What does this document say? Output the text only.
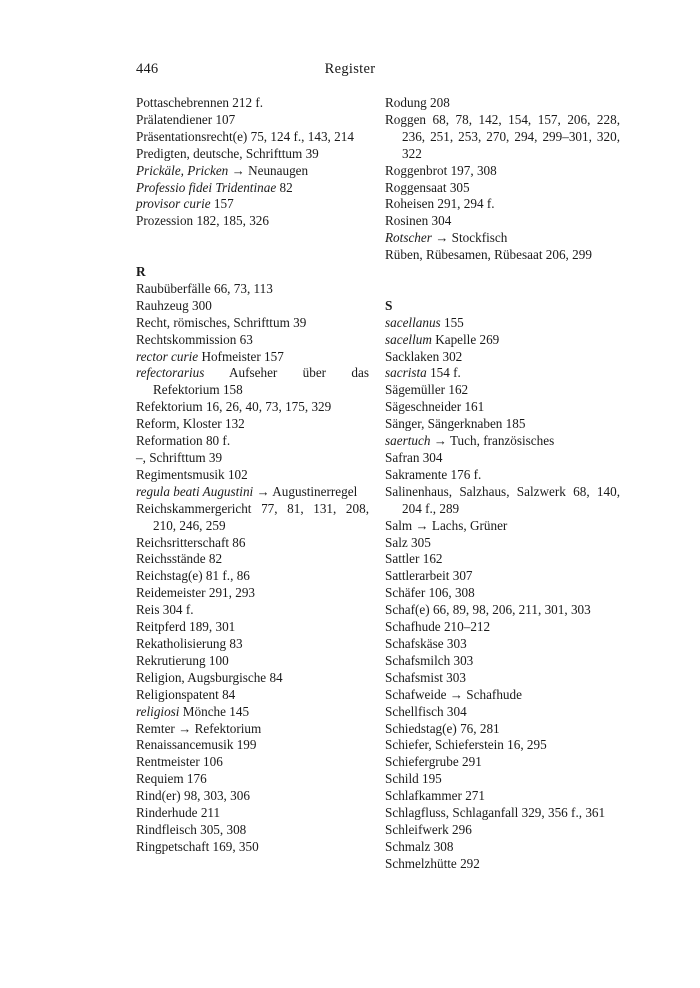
446	Register
Pottaschebrennen 212 f.
Prälatendiener 107
Präsentationsrecht(e) 75, 124 f., 143, 214
Predigten, deutsche, Schrifttum 39
Prickäle, Pricken → Neunaugen
Professio fidei Tridentinae 82
provisor curie 157
Prozession 182, 185, 326
R
Raubüberfälle 66, 73, 113
Rauhzeug 300
Recht, römisches, Schrifttum 39
Rechtskommission 63
rector curie Hofmeister 157
refectorarius Aufseher über das Refektorium 158
Refektorium 16, 26, 40, 73, 175, 329
Reform, Kloster 132
Reformation 80 f.
–, Schrifttum 39
Regimentsmusik 102
regula beati Augustini → Augustinerregel
Reichskammergericht 77, 81, 131, 208, 210, 246, 259
Reichsritterschaft 86
Reichsstände 82
Reichstag(e) 81 f., 86
Reidemeister 291, 293
Reis 304 f.
Reitpferd 189, 301
Rekatholisierung 83
Rekrutierung 100
Religion, Augsburgische 84
Religionspatent 84
religiosi Mönche 145
Remter → Refektorium
Renaissancemusik 199
Rentmeister 106
Requiem 176
Rind(er) 98, 303, 306
Rinderhude 211
Rindfleisch 305, 308
Ringpetschaft 169, 350
Rodung 208
Roggen 68, 78, 142, 154, 157, 206, 228, 236, 251, 253, 270, 294, 299–301, 320, 322
Roggenbrot 197, 308
Roggensaat 305
Roheisen 291, 294 f.
Rosinen 304
Rotscher → Stockfisch
Rüben, Rübesamen, Rübesaat 206, 299
S
sacellanus 155
sacellum Kapelle 269
Sacklaken 302
sacrista 154 f.
Sägemüller 162
Sägeschneider 161
Sänger, Sängerknaben 185
saertuch → Tuch, französisches
Safran 304
Sakramente 176 f.
Salinenhaus, Salzhaus, Salzwerk 68, 140, 204 f., 289
Salm → Lachs, Grüner
Salz 305
Sattler 162
Sattlerarbeit 307
Schäfer 106, 308
Schaf(e) 66, 89, 98, 206, 211, 301, 303
Schafhude 210–212
Schafskäse 303
Schafsmilch 303
Schafsmist 303
Schafweide → Schafhude
Schellfisch 304
Schiedstag(e) 76, 281
Schiefer, Schieferstein 16, 295
Schiefergrube 291
Schild 195
Schlafkammer 271
Schlagfluss, Schlaganfall 329, 356 f., 361
Schleifwerk 296
Schmalz 308
Schmelzhütte 292
